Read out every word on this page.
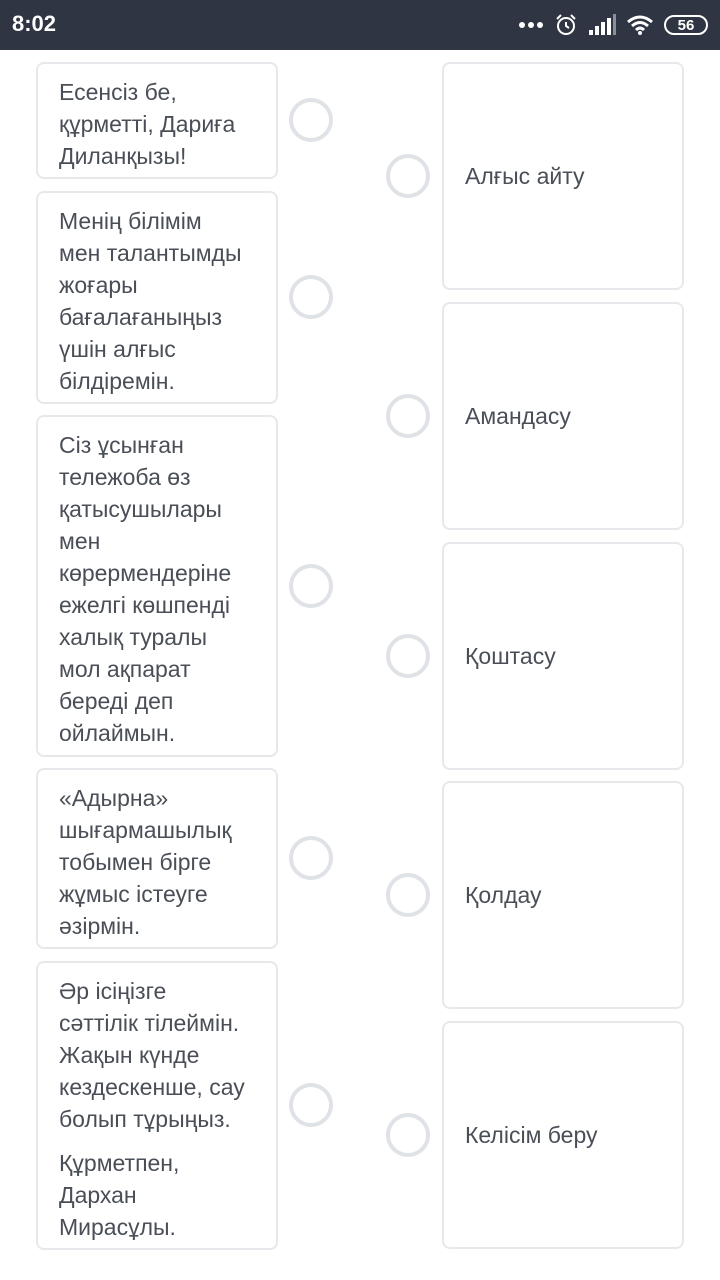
8:02	56

Есенсіз бе,
құрметті, Дариға
Диланқызы!

Менің білімім
мен талантымды
жоғары
бағалағаныңыз
үшін алғыс
білдіремін.

Сіз ұсынған
тележоба өз
қатысушылары
мен
көрермендеріне
ежелгі көшпенді
халық туралы
мол ақпарат
береді деп
ойлаймын.

«Адырна»
шығармашылық
тобымен бірге
жұмыс істеуге
әзірмін.

Әр ісіңізге
сәттілік тілеймін.
Жақын күнде
кездескенше, сау
болып тұрыңыз.

Құрметпен,
Дархан
Мирасұлы.

Алғыс айту
Амандасу
Қоштасу
Қолдау
Келісім беру
